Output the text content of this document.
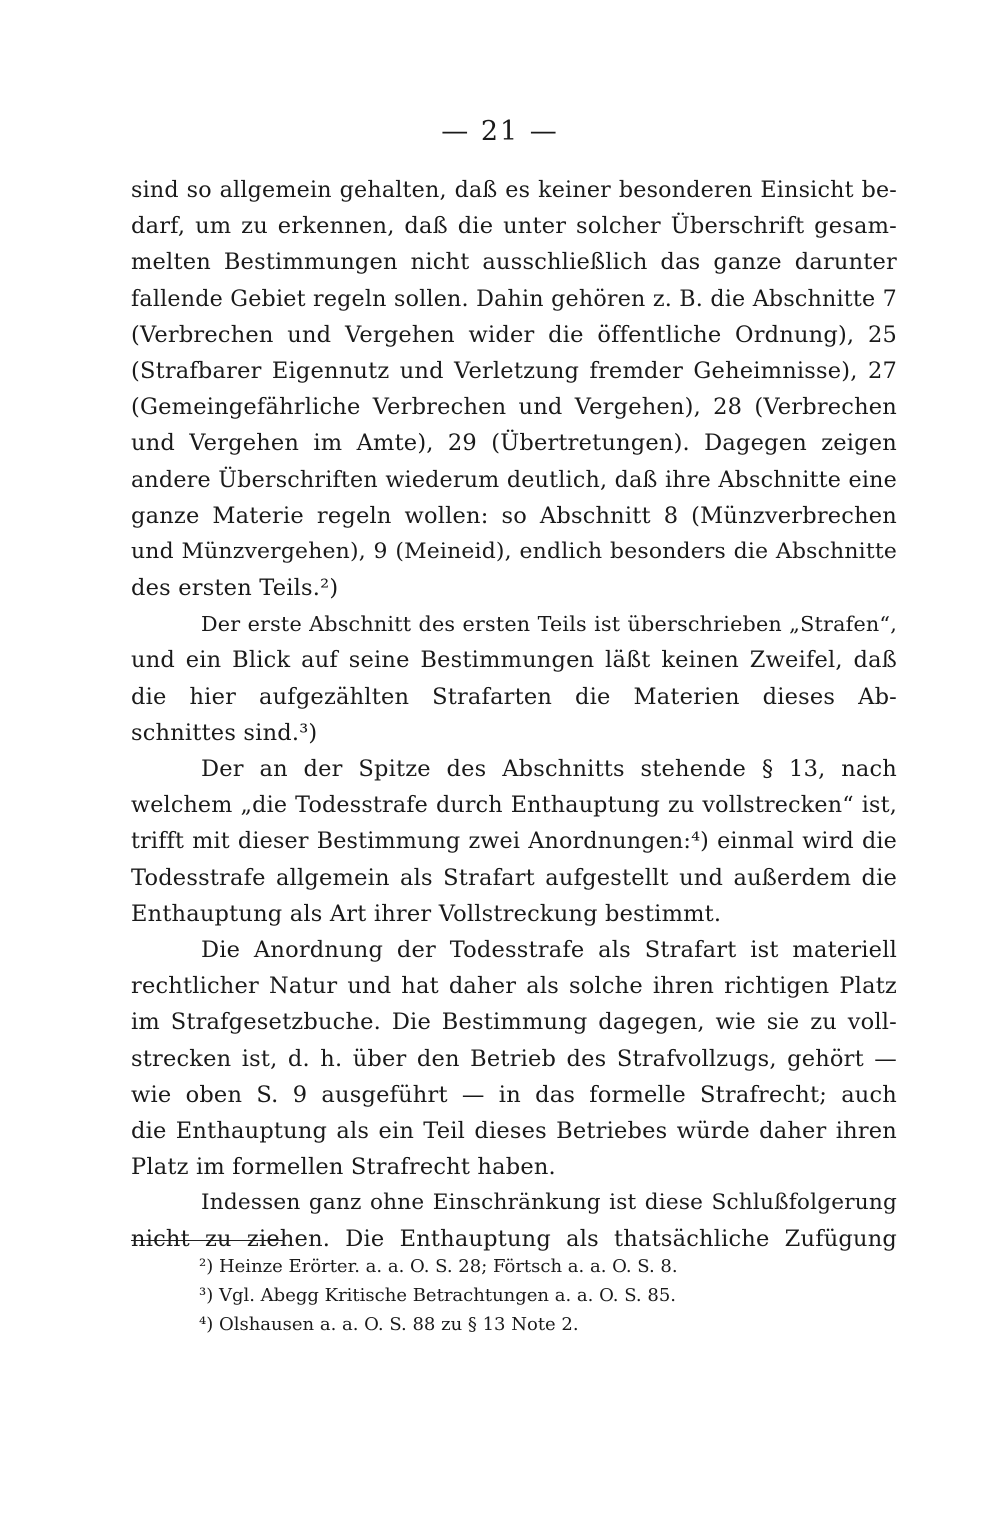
— 21 —
sind so allgemein gehalten, daß es keiner besonderen Einsicht be-
darf, um zu erkennen, daß die unter solcher Überschrift gesam-
melten Bestimmungen nicht ausschließlich das ganze darunter
fallende Gebiet regeln sollen. Dahin gehören z. B. die Abschnitte 7
(Verbrechen und Vergehen wider die öffentliche Ordnung), 25
(Strafbarer Eigennutz und Verletzung fremder Geheimnisse), 27
(Gemeingefährliche Verbrechen und Vergehen), 28 (Verbrechen
und Vergehen im Amte), 29 (Übertretungen). Dagegen zeigen
andere Überschriften wiederum deutlich, daß ihre Abschnitte eine
ganze Materie regeln wollen: so Abschnitt 8 (Münzverbrechen
und Münzvergehen), 9 (Meineid), endlich besonders die Abschnitte
des ersten Teils.²)
Der erste Abschnitt des ersten Teils ist überschrieben „Strafen“,
und ein Blick auf seine Bestimmungen läßt keinen Zweifel, daß
die hier aufgezählten Strafarten die Materien dieses Ab-
schnittes sind.³)
Der an der Spitze des Abschnitts stehende § 13, nach
welchem „die Todesstrafe durch Enthauptung zu vollstrecken“ ist,
trifft mit dieser Bestimmung zwei Anordnungen:⁴) einmal wird die
Todesstrafe allgemein als Strafart aufgestellt und außerdem die
Enthauptung als Art ihrer Vollstreckung bestimmt.
Die Anordnung der Todesstrafe als Strafart ist materiell
rechtlicher Natur und hat daher als solche ihren richtigen Platz
im Strafgesetzbuche. Die Bestimmung dagegen, wie sie zu voll-
strecken ist, d. h. über den Betrieb des Strafvollzugs, gehört —
wie oben S. 9 ausgeführt — in das formelle Strafrecht; auch
die Enthauptung als ein Teil dieses Betriebes würde daher ihren
Platz im formellen Strafrecht haben.
Indessen ganz ohne Einschränkung ist diese Schlußfolgerung
nicht zu ziehen. Die Enthauptung als thatsächliche Zufügung
²) Heinze Erörter. a. a. O. S. 28; Förtsch a. a. O. S. 8.
³) Vgl. Abegg Kritische Betrachtungen a. a. O. S. 85.
⁴) Olshausen a. a. O. S. 88 zu § 13 Note 2.
